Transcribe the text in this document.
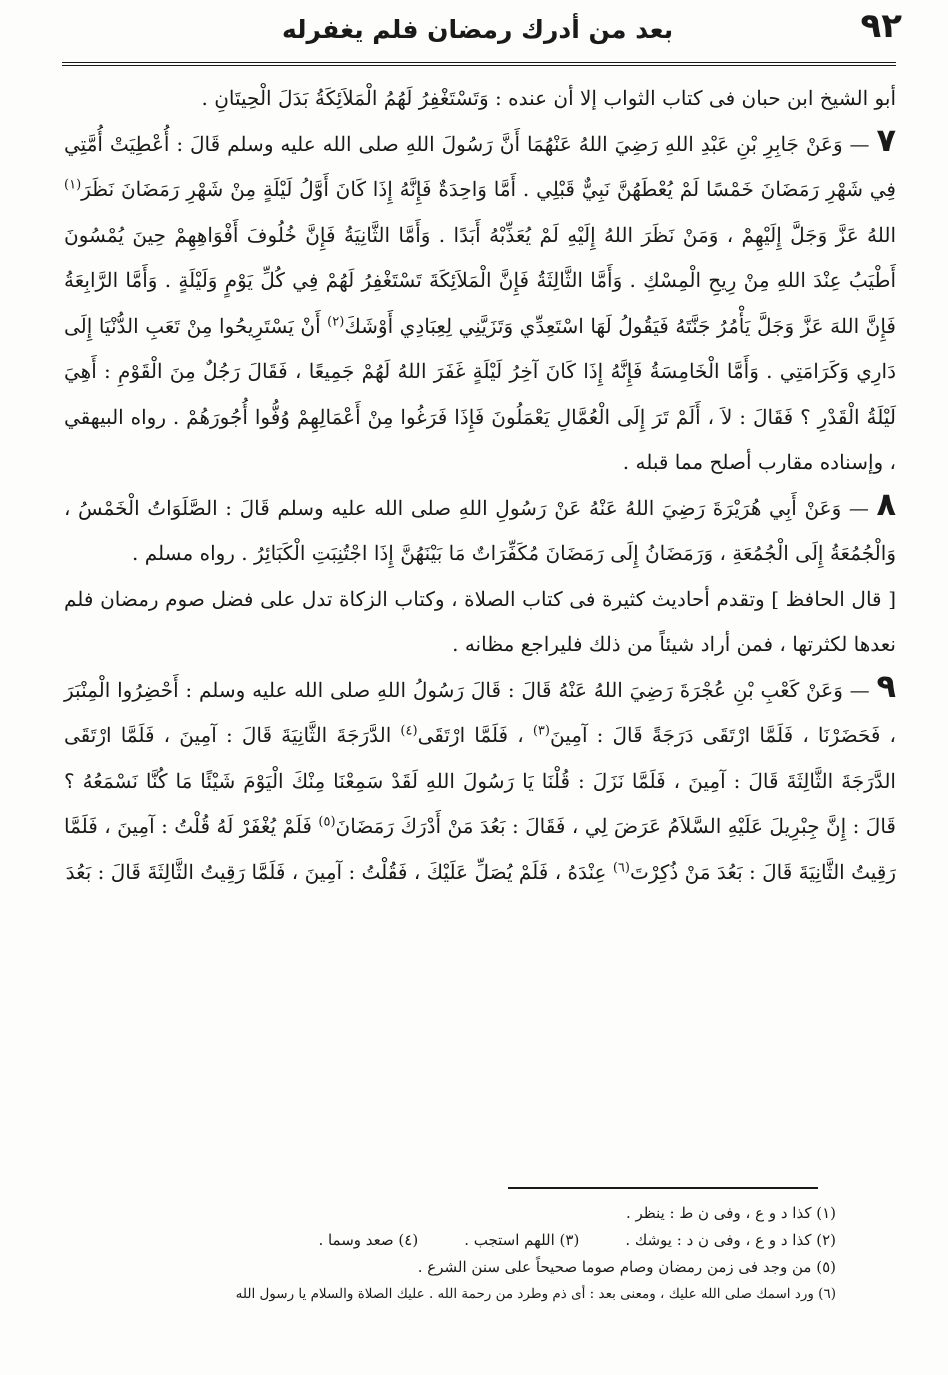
٩٢
بعد من أدرك رمضان فلم يغفرله

أبو الشيخ ابن حبان فى كتاب الثواب إلا أن عنده : وَتَسْتَغْفِرُ لَهُمُ الْمَلاَئِكَةُ بَدَلَ الْحِيتَانِ .

٧ — وَعَنْ جَابِرِ بْنِ عَبْدِ اللهِ رَضِيَ اللهُ عَنْهُمَا أَنَّ رَسُولَ اللهِ صلى الله عليه وسلم قَالَ : أُعْطِيَتْ أُمَّتِي فِي شَهْرِ رَمَضَانَ خَمْسًا لَمْ يُعْطَهُنَّ نَبِيٌّ قَبْلِي . أَمَّا وَاحِدَةٌ فَإِنَّهُ إِذَا كَانَ أَوَّلُ لَيْلَةٍ مِنْ شَهْرِ رَمَضَانَ نَظَرَ$^{(١)}$ اللهُ عَزَّ وَجَلَّ إِلَيْهِمْ ، وَمَنْ نَظَرَ اللهُ إِلَيْهِ لَمْ يُعَذِّبْهُ أَبَدًا . وَأَمَّا الثَّانِيَةُ فَإِنَّ خُلُوفَ أَفْوَاهِهِمْ حِينَ يُمْسُونَ أَطْيَبُ عِنْدَ اللهِ مِنْ رِيحِ الْمِسْكِ . وَأَمَّا الثَّالِثَةُ فَإِنَّ الْمَلاَئِكَةَ تَسْتَغْفِرُ لَهُمْ فِي كُلِّ يَوْمٍ وَلَيْلَةٍ . وَأَمَّا الرَّابِعَةُ فَإِنَّ اللهَ عَزَّ وَجَلَّ يَأْمُرُ جَنَّتَهُ فَيَقُولُ لَهَا اسْتَعِدِّي وَتَزَيَّنِي لِعِبَادِي أَوْشَكَ$^{(٢)}$ أَنْ يَسْتَرِيحُوا مِنْ تَعَبِ الدُّنْيَا إِلَى دَارِي وَكَرَامَتِي . وَأَمَّا الْخَامِسَةُ فَإِنَّهُ إِذَا كَانَ آخِرُ لَيْلَةٍ غَفَرَ اللهُ لَهُمْ جَمِيعًا ، فَقَالَ رَجُلٌ مِنَ الْقَوْمِ : أَهِيَ لَيْلَةُ الْقَدْرِ ؟ فَقَالَ : لاَ ، أَلَمْ تَرَ إِلَى الْعُمَّالِ يَعْمَلُونَ فَإِذَا فَرَغُوا مِنْ أَعْمَالِهِمْ وُفُّوا أُجُورَهُمْ . رواه البيهقي ، وإسناده مقارب أصلح مما قبله .

٨ — وَعَنْ أَبِي هُرَيْرَةَ رَضِيَ اللهُ عَنْهُ عَنْ رَسُولِ اللهِ صلى الله عليه وسلم قَالَ : الصَّلَوَاتُ الْخَمْسُ ، وَالْجُمُعَةُ إِلَى الْجُمُعَةِ ، وَرَمَضَانُ إِلَى رَمَضَانَ مُكَفِّرَاتٌ مَا بَيْنَهُنَّ إِذَا اجْتُنِبَتِ الْكَبَائِرُ . رواه مسلم .

[ قال الحافظ ] وتقدم أحاديث كثيرة فى كتاب الصلاة ، وكتاب الزكاة تدل على فضل صوم رمضان فلم نعدها لكثرتها ، فمن أراد شيئاً من ذلك فليراجع مظانه .

٩ — وَعَنْ كَعْبِ بْنِ عُجْرَةَ رَضِيَ اللهُ عَنْهُ قَالَ : قَالَ رَسُولُ اللهِ صلى الله عليه وسلم : أَحْضِرُوا الْمِنْبَرَ ، فَحَضَرْنَا ، فَلَمَّا ارْتَقَى دَرَجَةً قَالَ : آمِينَ$^{(٣)}$ ، فَلَمَّا ارْتَقَى$^{(٤)}$ الدَّرَجَةَ الثَّانِيَةَ قَالَ : آمِينَ ، فَلَمَّا ارْتَقَى الدَّرَجَةَ الثَّالِثَةَ قَالَ : آمِينَ ، فَلَمَّا نَزَلَ : قُلْنَا يَا رَسُولَ اللهِ لَقَدْ سَمِعْنَا مِنْكَ الْيَوْمَ شَيْئًا مَا كُنَّا نَسْمَعُهُ ؟ قَالَ : إِنَّ جِبْرِيلَ عَلَيْهِ السَّلاَمُ عَرَضَ لِي ، فَقَالَ : بَعُدَ مَنْ أَدْرَكَ رَمَضَانَ$^{(٥)}$ فَلَمْ يُغْفَرْ لَهُ قُلْتُ : آمِينَ ، فَلَمَّا رَقِيتُ الثَّانِيَةَ قَالَ : بَعُدَ مَنْ ذُكِرْتَ$^{(٦)}$ عِنْدَهُ ، فَلَمْ يُصَلِّ عَلَيْكَ ، فَقُلْتُ : آمِينَ ، فَلَمَّا رَقِيتُ الثَّالِثَةَ قَالَ : بَعُدَ

(١) كذا د و ع ، وفى ن ط : ينظر .
(٢) كذا د و ع ، وفى ن د : يوشك .
(٣) اللهم استجب .
(٤) صعد وسما .
(٥) من وجد فى زمن رمضان وصام صوما صحيحاً على سنن الشرع .
(٦) ورد اسمك صلى الله عليك ، ومعنى بعد : أى ذم وطرد من رحمة الله . عليك الصلاة والسلام يا رسول الله
